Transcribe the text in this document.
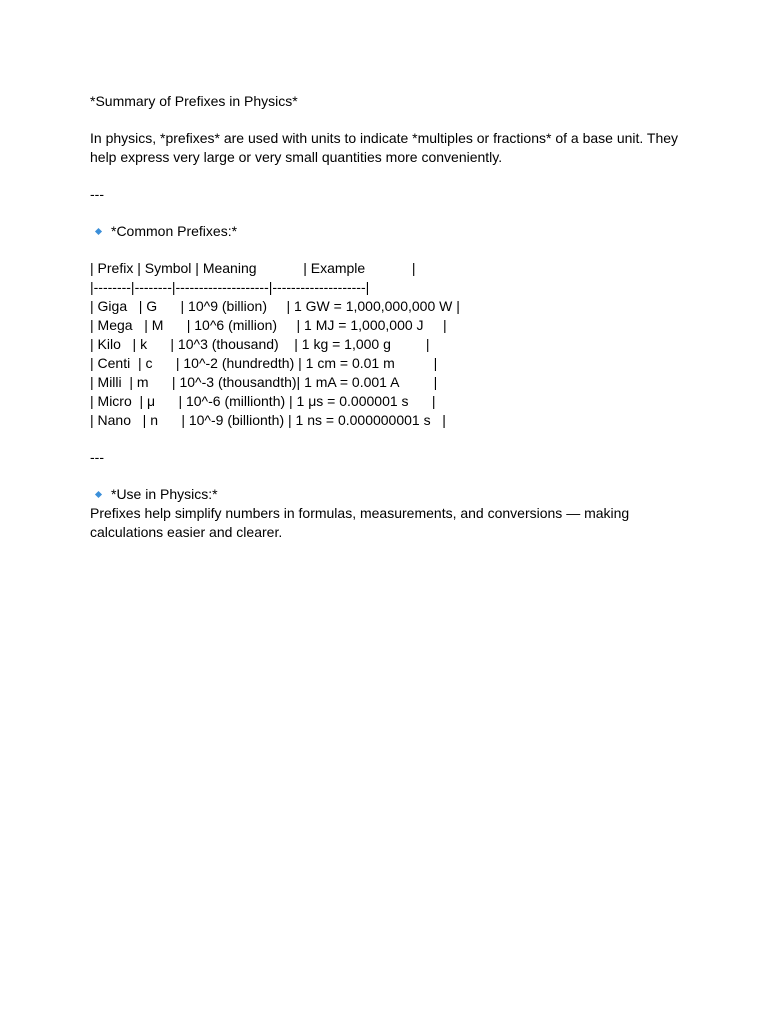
*Summary of Prefixes in Physics*
In physics, *prefixes* are used with units to indicate *multiples or fractions* of a base unit. They help express very large or very small quantities more conveniently.
---
*Common Prefixes:*
| Prefix | Symbol | Meaning            | Example            |
|--------|--------|--------------------|--------------------|
| Giga   | G      | 10^9 (billion)     | 1 GW = 1,000,000,000 W |
| Mega   | M      | 10^6 (million)     | 1 MJ = 1,000,000 J     |
| Kilo   | k      | 10^3 (thousand)    | 1 kg = 1,000 g         |
| Centi  | c      | 10^-2 (hundredth) | 1 cm = 0.01 m          |
| Milli  | m      | 10^-3 (thousandth)| 1 mA = 0.001 A         |
| Micro  | μ      | 10^-6 (millionth) | 1 μs = 0.000001 s      |
| Nano   | n      | 10^-9 (billionth) | 1 ns = 0.000000001 s   |
---
*Use in Physics:*
Prefixes help simplify numbers in formulas, measurements, and conversions — making calculations easier and clearer.
